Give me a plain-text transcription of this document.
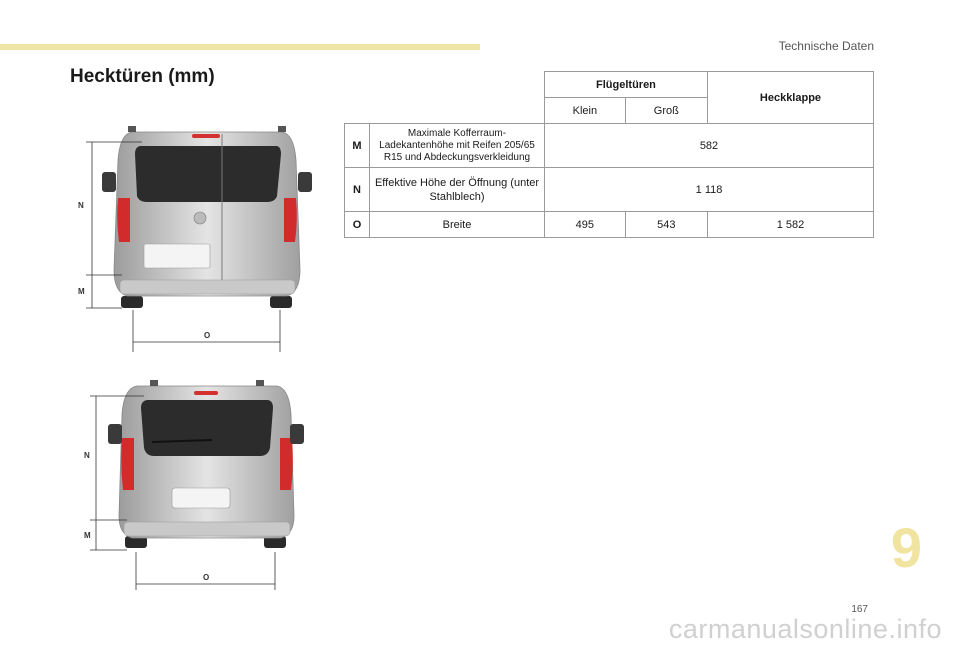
Technische Daten
Hecktüren (mm)
N
M
O
N
M
O
		Flügeltüren		Heckklappe
		Klein	Groß	
M	Maximale Kofferraum-Ladekantenhöhe mit Reifen 205/65 R15 und Abdeckungsverkleidung	582		
N	Effektive Höhe der Öffnung (unter Stahlblech)	1 118		
O	Breite	495	543	1 582
9
167
carmanualsonline.info
